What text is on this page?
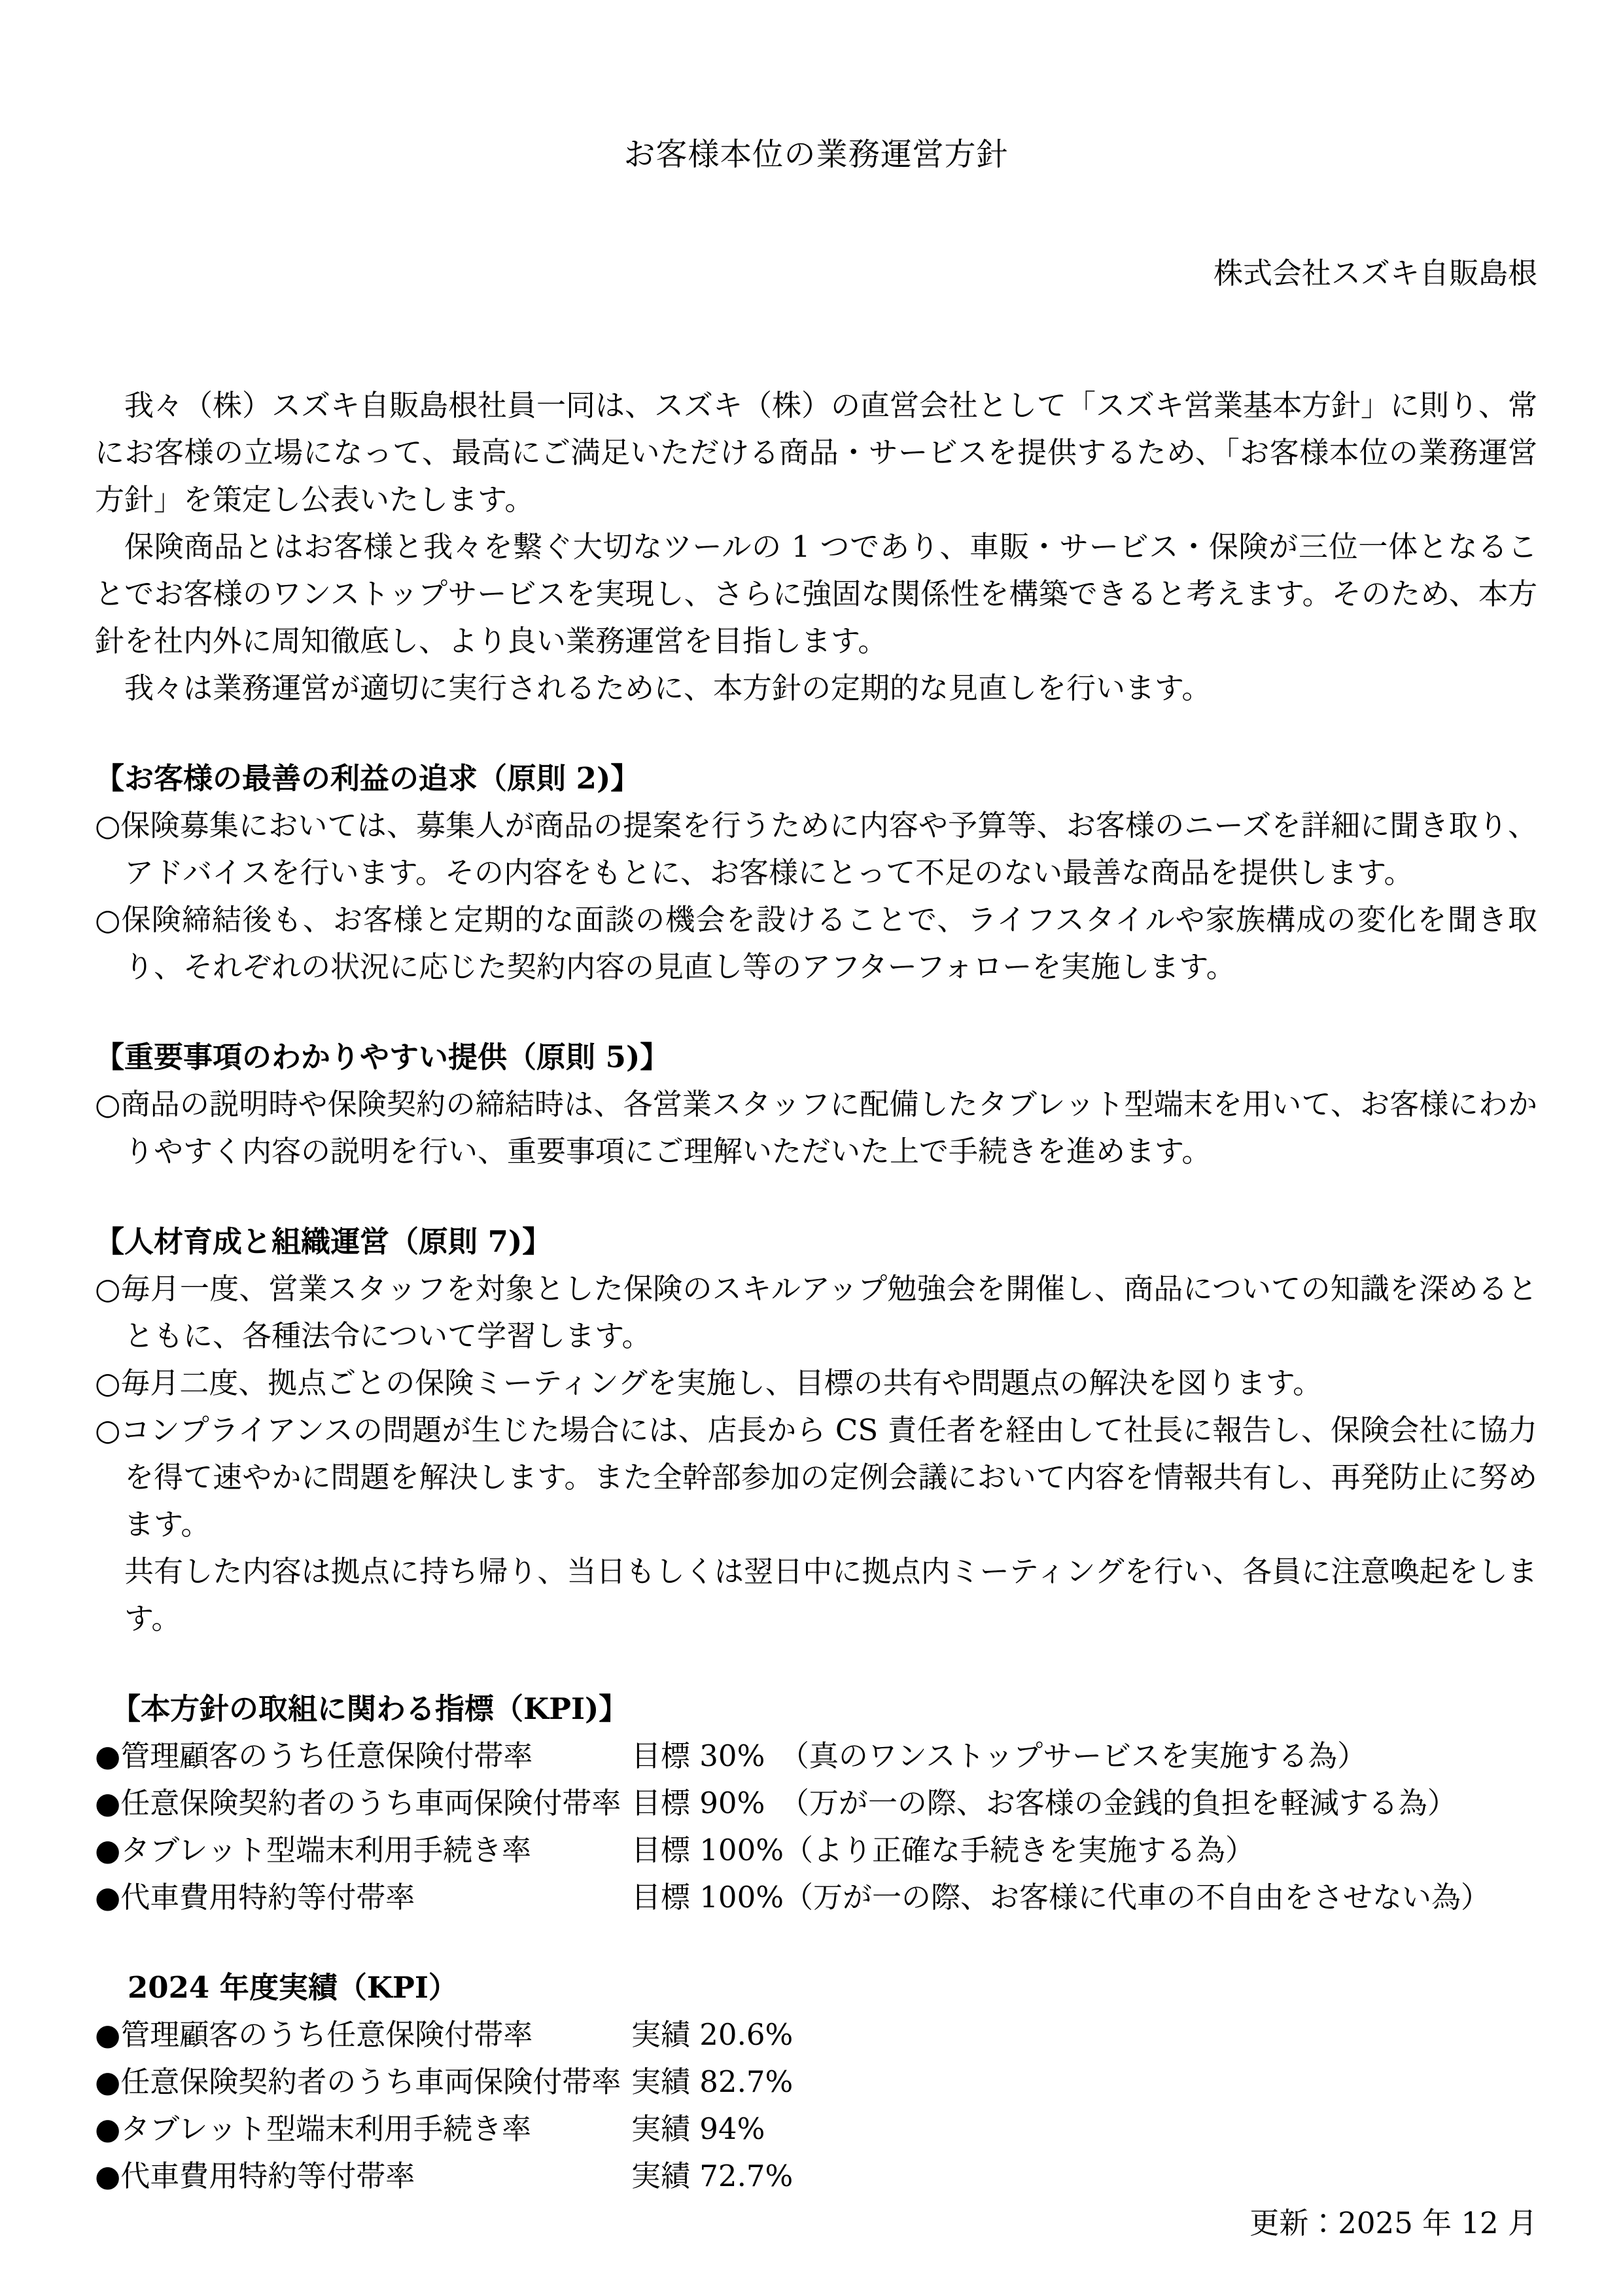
お客様本位の業務運営方針
株式会社スズキ自販島根

我々（株）スズキ自販島根社員一同は、スズキ（株）の直営会社として「スズキ営業基本方針」に則り、常にお客様の立場になって、最高にご満足いただける商品・サービスを提供するため、「お客様本位の業務運営方針」を策定し公表いたします。

保険商品とはお客様と我々を繋ぐ大切なツールの 1 つであり、車販・サービス・保険が三位一体となることでお客様のワンストップサービスを実現し、さらに強固な関係性を構築できると考えます。そのため、本方針を社内外に周知徹底し、より良い業務運営を目指します。

我々は業務運営が適切に実行されるために、本方針の定期的な見直しを行います。

【お客様の最善の利益の追求（原則 2)】
○保険募集においては、募集人が商品の提案を行うために内容や予算等、お客様のニーズを詳細に聞き取り、アドバイスを行います。その内容をもとに、お客様にとって不足のない最善な商品を提供します。
○保険締結後も、お客様と定期的な面談の機会を設けることで、ライフスタイルや家族構成の変化を聞き取り、それぞれの状況に応じた契約内容の見直し等のアフターフォローを実施します。
【重要事項のわかりやすい提供（原則 5)】
○商品の説明時や保険契約の締結時は、各営業スタッフに配備したタブレット型端末を用いて、お客様にわかりやすく内容の説明を行い、重要事項にご理解いただいた上で手続きを進めます。
【人材育成と組織運営（原則 7)】
○毎月一度、営業スタッフを対象とした保険のスキルアップ勉強会を開催し、商品についての知識を深めるとともに、各種法令について学習します。
○毎月二度、拠点ごとの保険ミーティングを実施し、目標の共有や問題点の解決を図ります。
○コンプライアンスの問題が生じた場合には、店長から CS 責任者を経由して社長に報告し、保険会社に協力を得て速やかに問題を解決します。また全幹部参加の定例会議において内容を情報共有し、再発防止に努めます。
共有した内容は拠点に持ち帰り、当日もしくは翌日中に拠点内ミーティングを行い、各員に注意喚起をします。
【本方針の取組に関わる指標（KPI)】
●管理顧客のうち任意保険付帯率	目標 30%　（真のワンストップサービスを実施する為）
●任意保険契約者のうち車両保険付帯率 目標 90%　（万が一の際、お客様の金銭的負担を軽減する為）
●タブレット型端末利用手続き率	目標 100%（より正確な手続きを実施する為）
●代車費用特約等付帯率	目標 100%（万が一の際、お客様に代車の不自由をさせない為）
2024 年度実績（KPI）
●管理顧客のうち任意保険付帯率	実績 20.6%
●任意保険契約者のうち車両保険付帯率 実績 82.7%
●タブレット型端末利用手続き率	実績 94%
●代車費用特約等付帯率	実績 72.7%
更新：2025 年 12 月
